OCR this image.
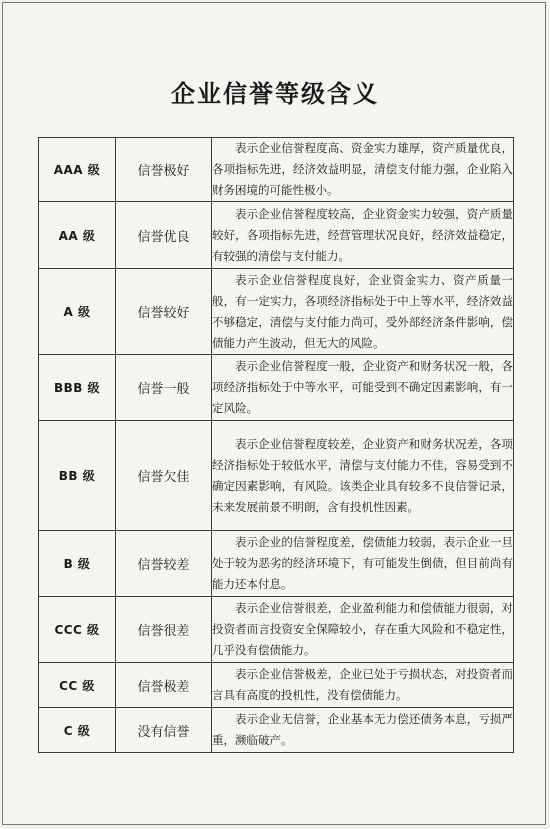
企业信誉等级含义
AAA 级	信誉极好	表示企业信誉程度高、资金实力雄厚，资产质量优良，各项指标先进，经济效益明显，清偿支付能力强，企业陷入财务困境的可能性极小。
AA 级	信誉优良	表示企业信誉程度较高，企业资金实力较强，资产质量较好，各项指标先进，经营管理状况良好，经济效益稳定，有较强的清偿与支付能力。
A 级	信誉较好	表示企业信誉程度良好，企业资金实力、资产质量一般，有一定实力，各项经济指标处于中上等水平，经济效益不够稳定，清偿与支付能力尚可，受外部经济条件影响，偿债能力产生波动，但无大的风险。
BBB 级	信誉一般	表示企业信誉程度一般，企业资产和财务状况一般，各项经济指标处于中等水平，可能受到不确定因素影响，有一定风险。
BB 级	信誉欠佳	表示企业信誉程度较差，企业资产和财务状况差，各项经济指标处于较低水平，清偿与支付能力不佳，容易受到不确定因素影响，有风险。该类企业具有较多不良信誉记录，未来发展前景不明朗，含有投机性因素。
B 级	信誉较差	表示企业的信誉程度差，偿债能力较弱，表示企业一旦处于较为恶劣的经济环境下，有可能发生倒债，但目前尚有能力还本付息。
CCC 级	信誉很差	表示企业信誉很差，企业盈利能力和偿债能力很弱，对投资者而言投资安全保障较小，存在重大风险和不稳定性，几乎没有偿债能力。
CC 级	信誉极差	表示企业信誉极差，企业已处于亏损状态，对投资者而言具有高度的投机性，没有偿债能力。
C 级	没有信誉	表示企业无信誉，企业基本无力偿还债务本息，亏损严重，濒临破产。
